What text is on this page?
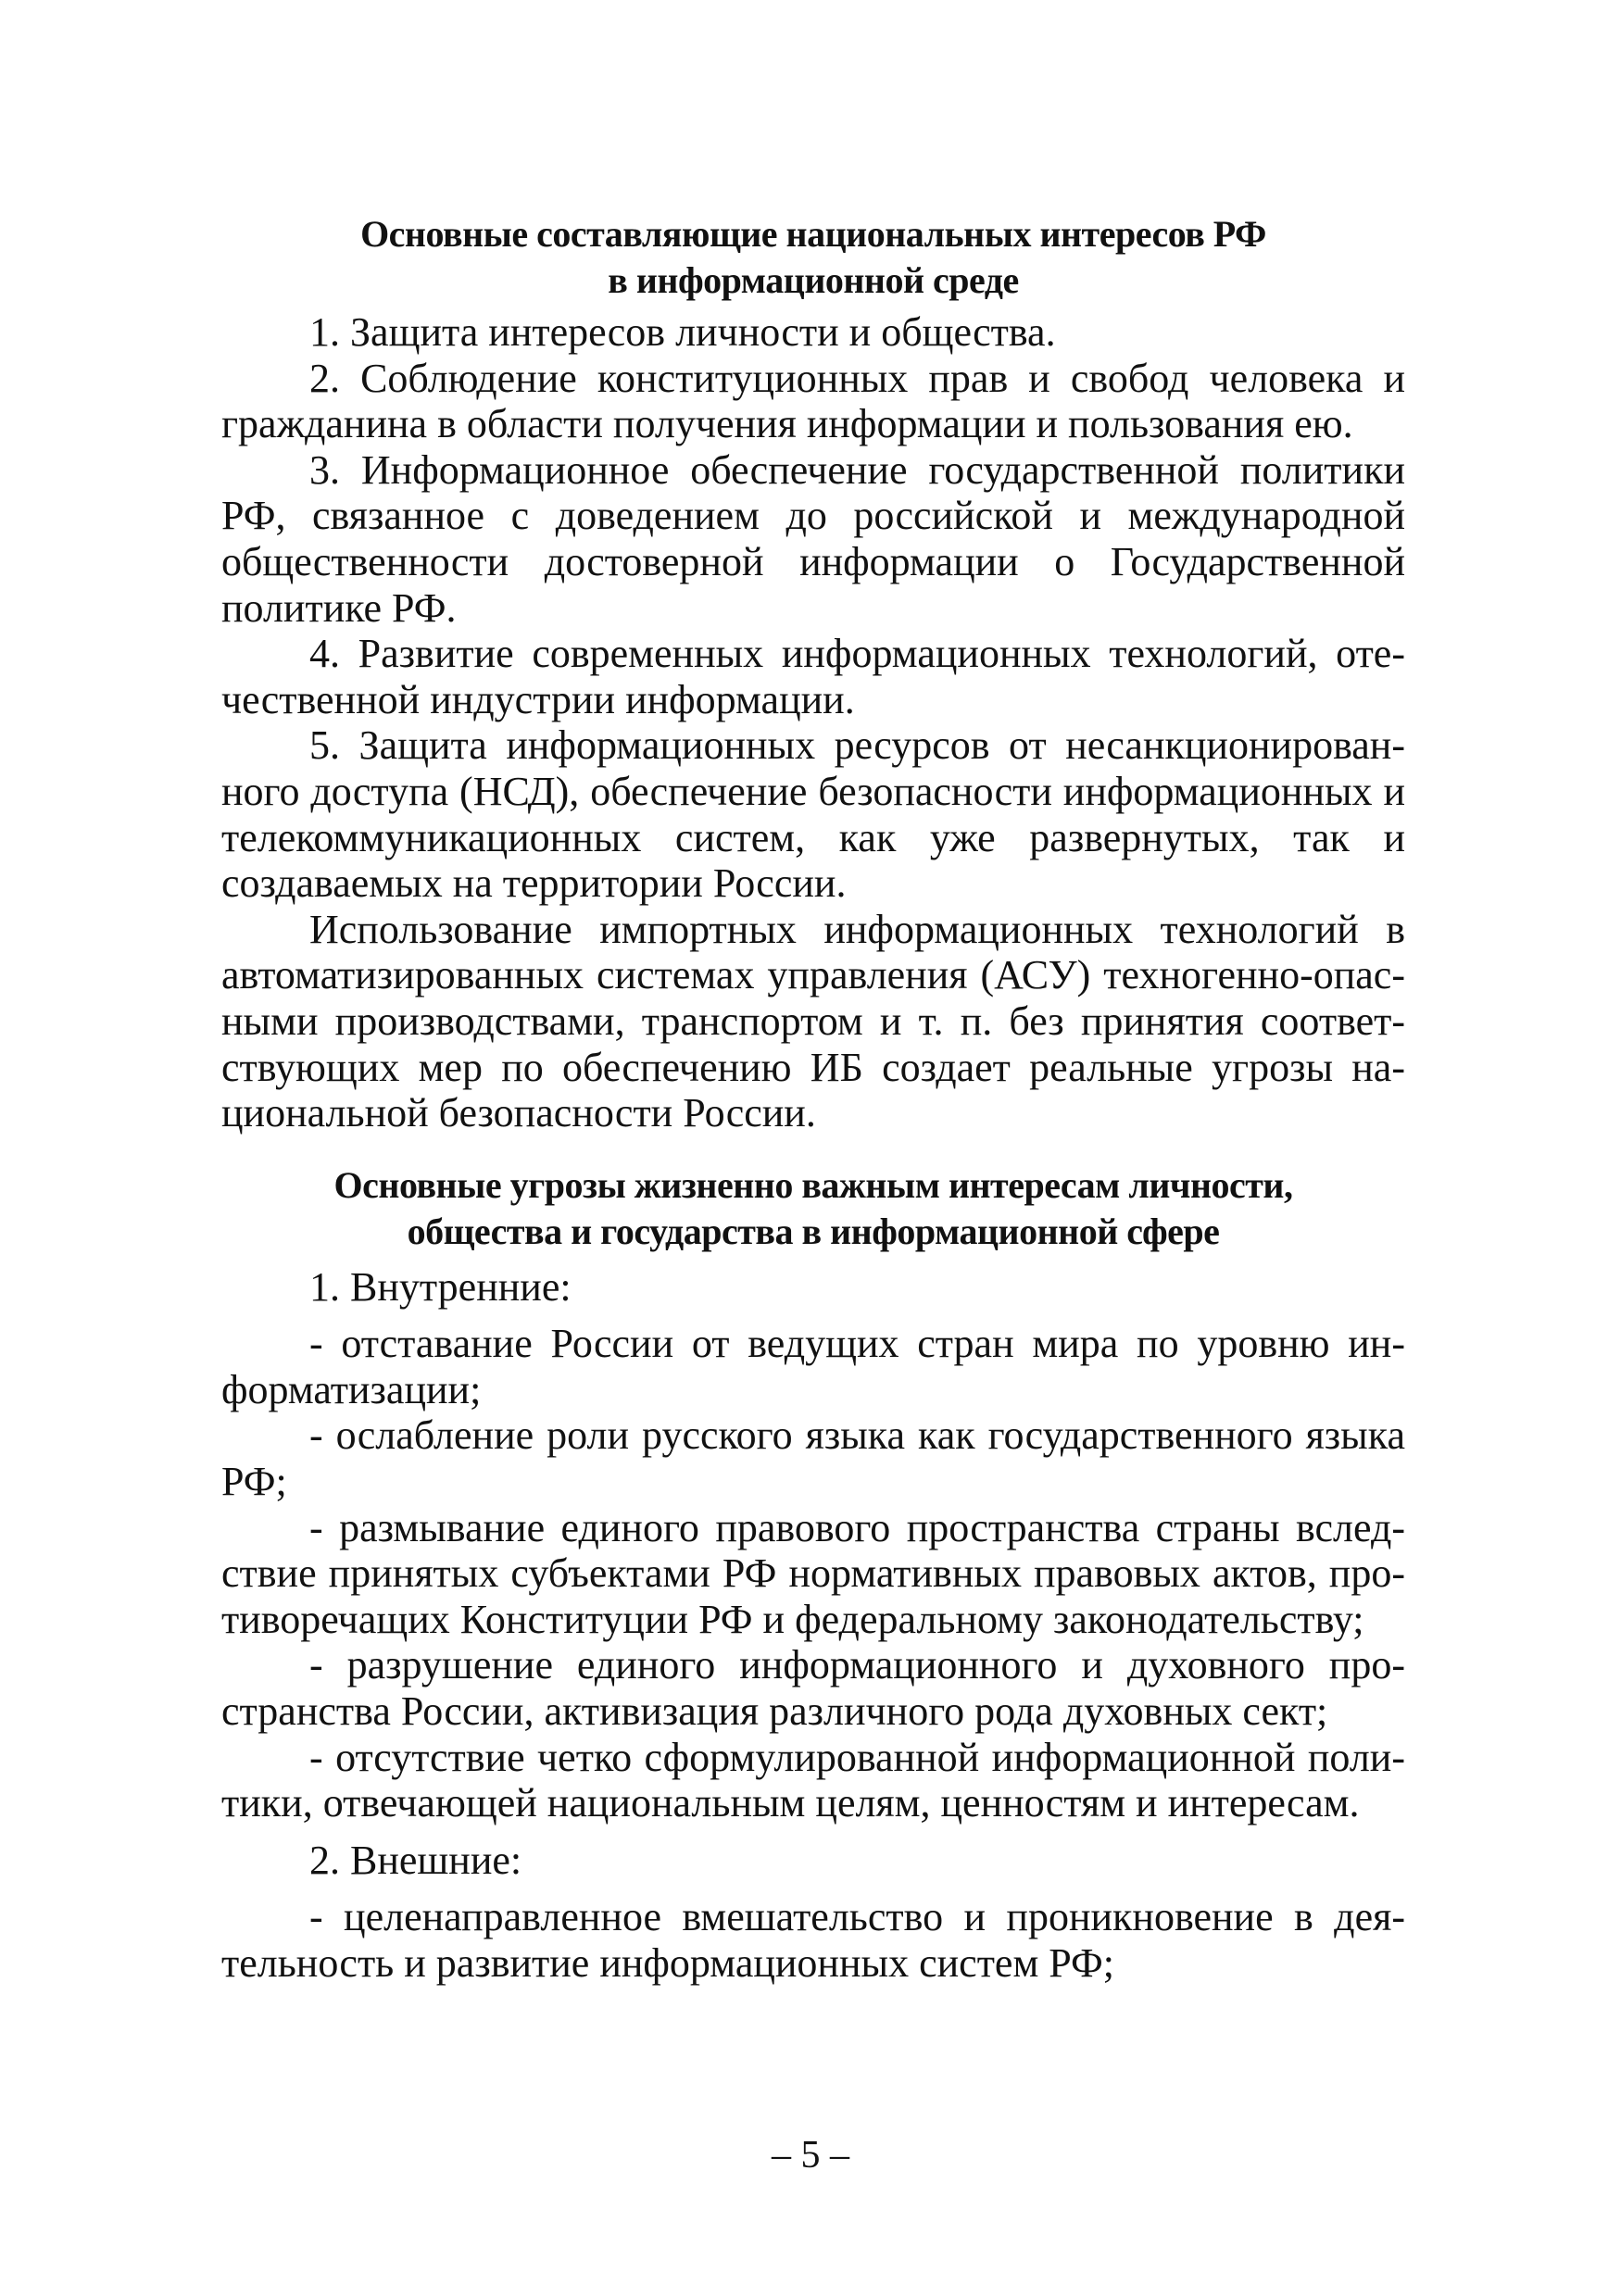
Основные составляющие национальных интересов РФ
в информационной среде

1. Защита интересов личности и общества.

2. Соблюдение конституционных прав и свобод человека и гражданина в области получения информации и пользования ею.

3. Информационное обеспечение государственной политики РФ, связанное с доведением до российской и международной общественности достоверной информации о Государственной политике РФ.

4. Развитие современных информационных технологий, отечественной индустрии информации.

5. Защита информационных ресурсов от несанкционированного доступа (НСД), обеспечение безопасности информационных и телекоммуникационных систем, как уже развернутых, так и создаваемых на территории России.

Использование импортных информационных технологий в автоматизированных системах управления (АСУ) техногенно-опасными производствами, транспортом и т. п. без принятия соответствующих мер по обеспечению ИБ создает реальные угрозы национальной безопасности России.

Основные угрозы жизненно важным интересам личности,
общества и государства в информационной сфере

1. Внутренние:

- отставание России от ведущих стран мира по уровню информатизации;

- ослабление роли русского языка как государственного языка РФ;

- размывание единого правового пространства страны вследствие принятых субъектами РФ нормативных правовых актов, противоречащих Конституции РФ и федеральному законодательству;

- разрушение единого информационного и духовного пространства России, активизация различного рода духовных сект;

- отсутствие четко сформулированной информационной политики, отвечающей национальным целям, ценностям и интересам.

2. Внешние:

- целенаправленное вмешательство и проникновение в деятельность и развитие информационных систем РФ;

– 5 –
